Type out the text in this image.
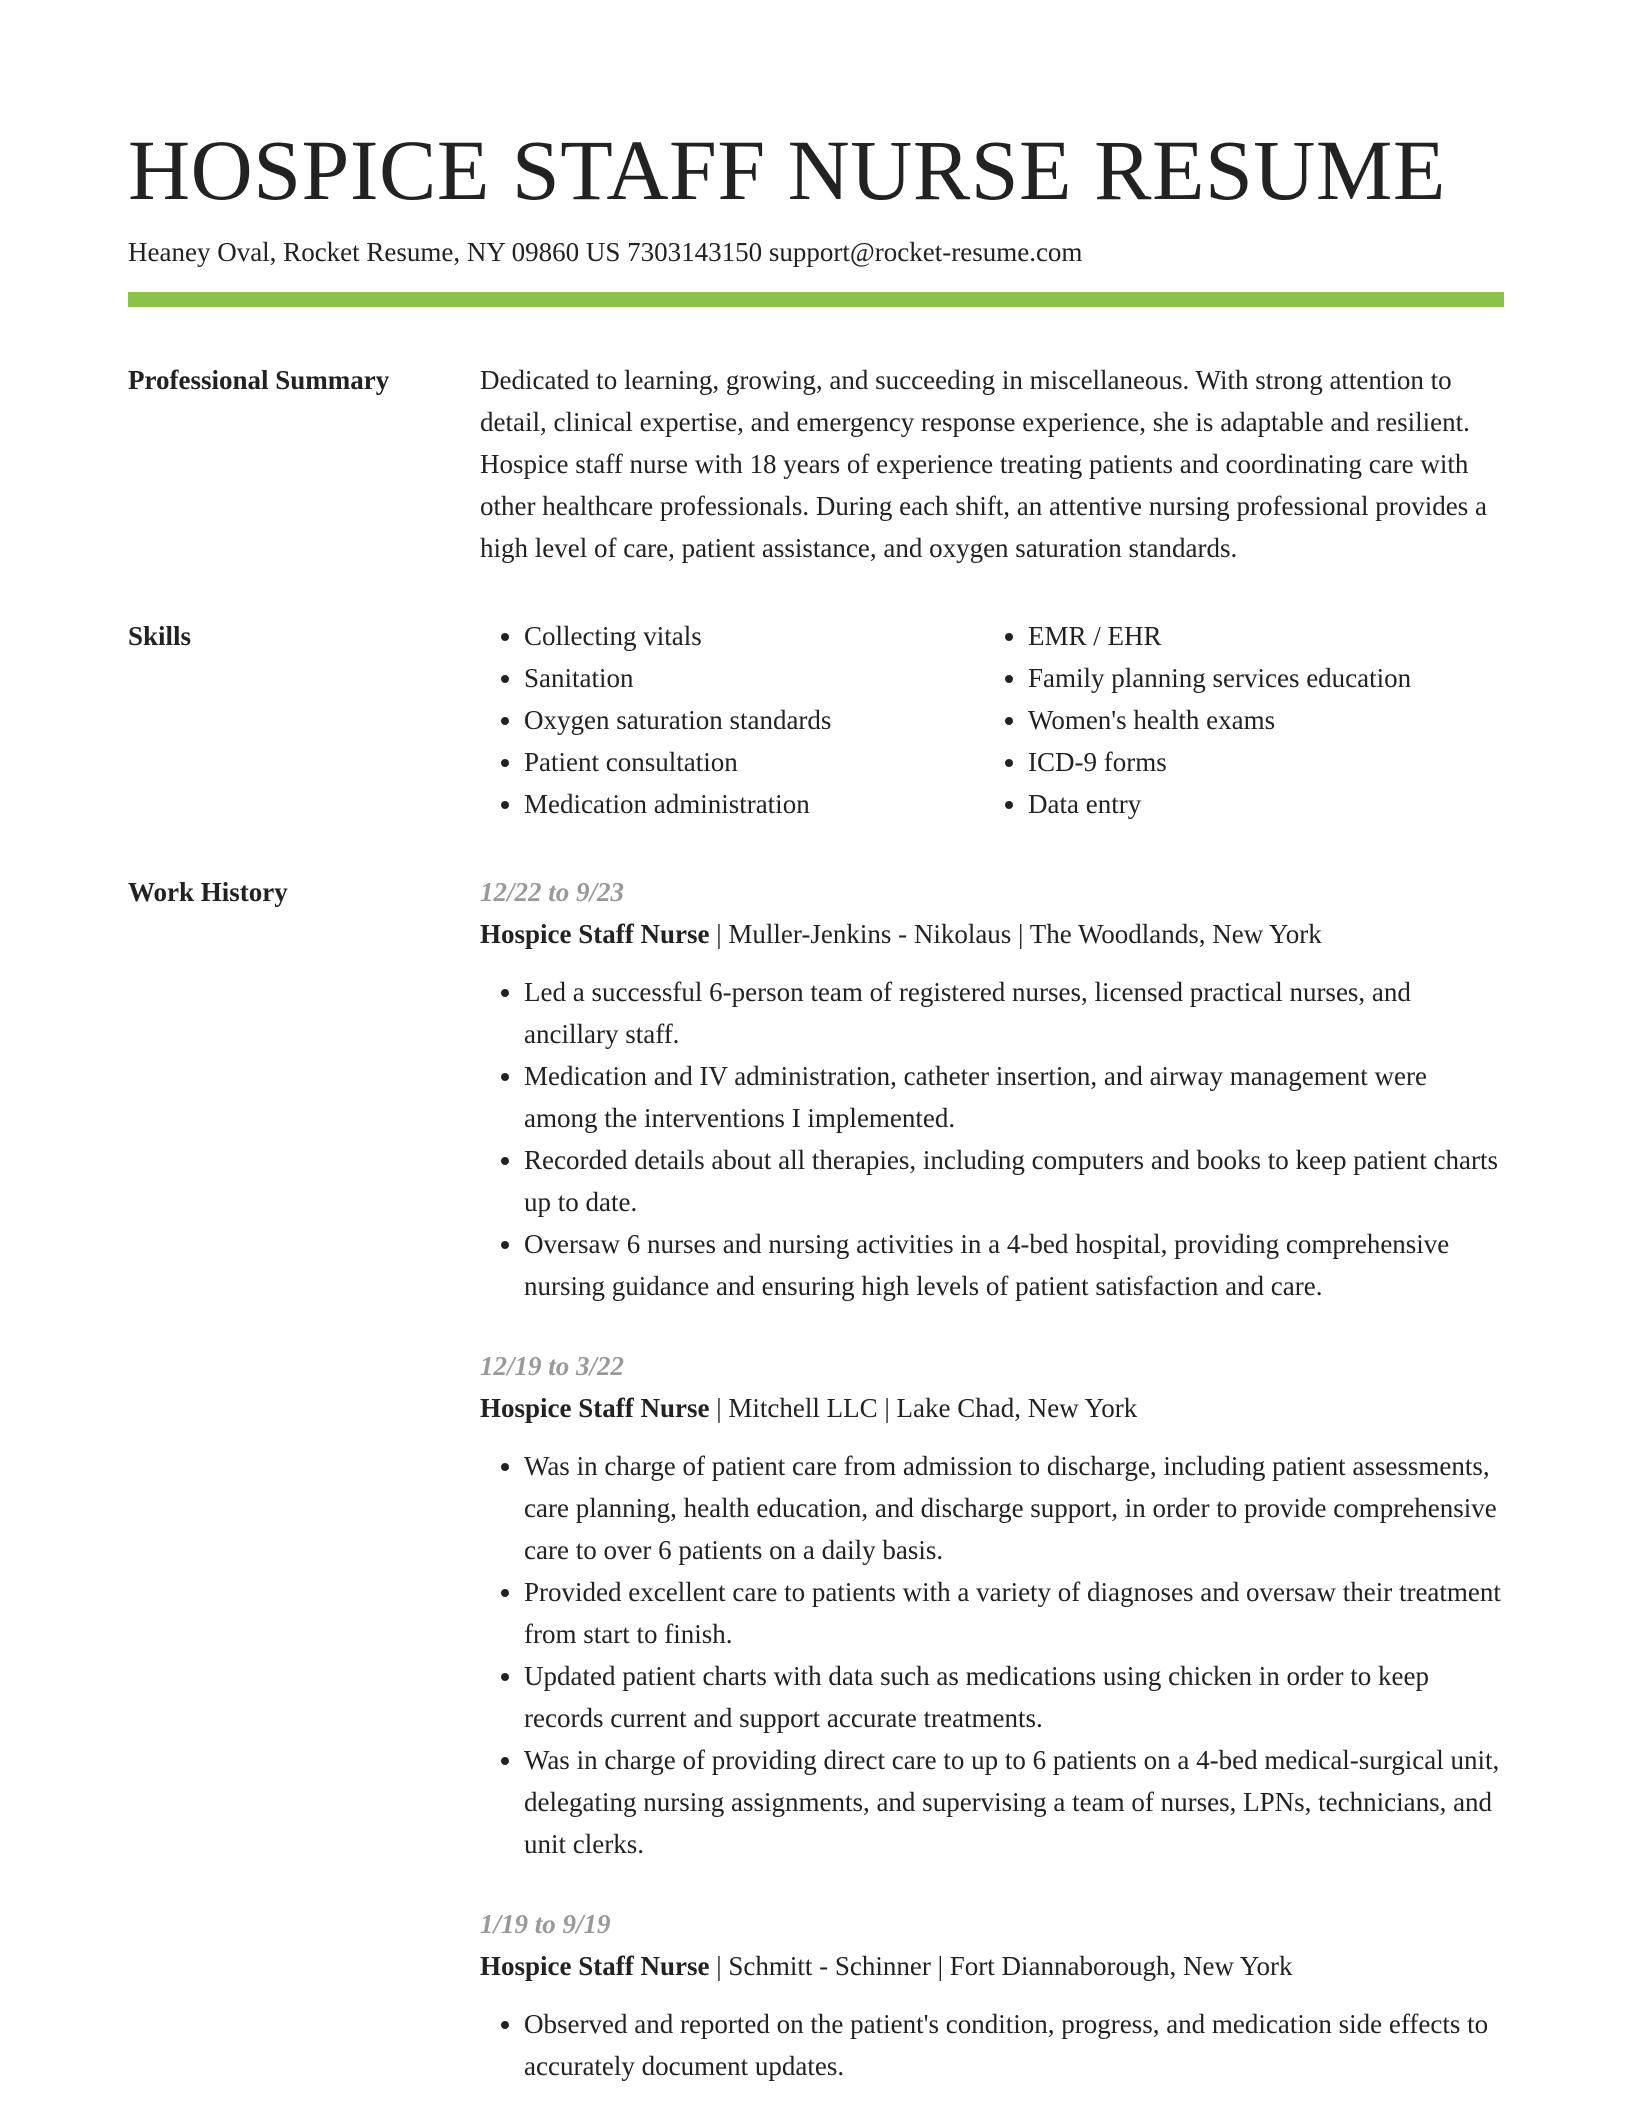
HOSPICE STAFF NURSE RESUME
Heaney Oval, Rocket Resume, NY 09860 US 7303143150 support@rocket-resume.com
Professional Summary	Dedicated to learning, growing, and succeeding in miscellaneous. With strong attention to detail, clinical expertise, and emergency response experience, she is adaptable and resilient. Hospice staff nurse with 18 years of experience treating patients and coordinating care with other healthcare professionals. During each shift, an attentive nursing professional provides a high level of care, patient assistance, and oxygen saturation standards.
Skills
•	Collecting vitals
• Sanitation
• Oxygen saturation standards
• Patient consultation
• Medication administration
• EMR / EHR
• Family planning services education
• Women's health exams
• ICD-9 forms
• Data entry
Work History	12/22 to 9/23
Hospice Staff Nurse | Muller-Jenkins - Nikolaus | The Woodlands, New York
• Led a successful 6-person team of registered nurses, licensed practical nurses, and ancillary staff.
• Medication and IV administration, catheter insertion, and airway management were among the interventions I implemented.
• Recorded details about all therapies, including computers and books to keep patient charts up to date.
• Oversaw 6 nurses and nursing activities in a 4-bed hospital, providing comprehensive nursing guidance and ensuring high levels of patient satisfaction and care.
12/19 to 3/22
Hospice Staff Nurse | Mitchell LLC | Lake Chad, New York
• Was in charge of patient care from admission to discharge, including patient assessments, care planning, health education, and discharge support, in order to provide comprehensive care to over 6 patients on a daily basis.
• Provided excellent care to patients with a variety of diagnoses and oversaw their treatment from start to finish.
• Updated patient charts with data such as medications using chicken in order to keep records current and support accurate treatments.
• Was in charge of providing direct care to up to 6 patients on a 4-bed medical-surgical unit, delegating nursing assignments, and supervising a team of nurses, LPNs, technicians, and unit clerks.
1/19 to 9/19
Hospice Staff Nurse | Schmitt - Schinner | Fort Diannaborough, New York
• Observed and reported on the patient's condition, progress, and medication side effects to accurately document updates.
